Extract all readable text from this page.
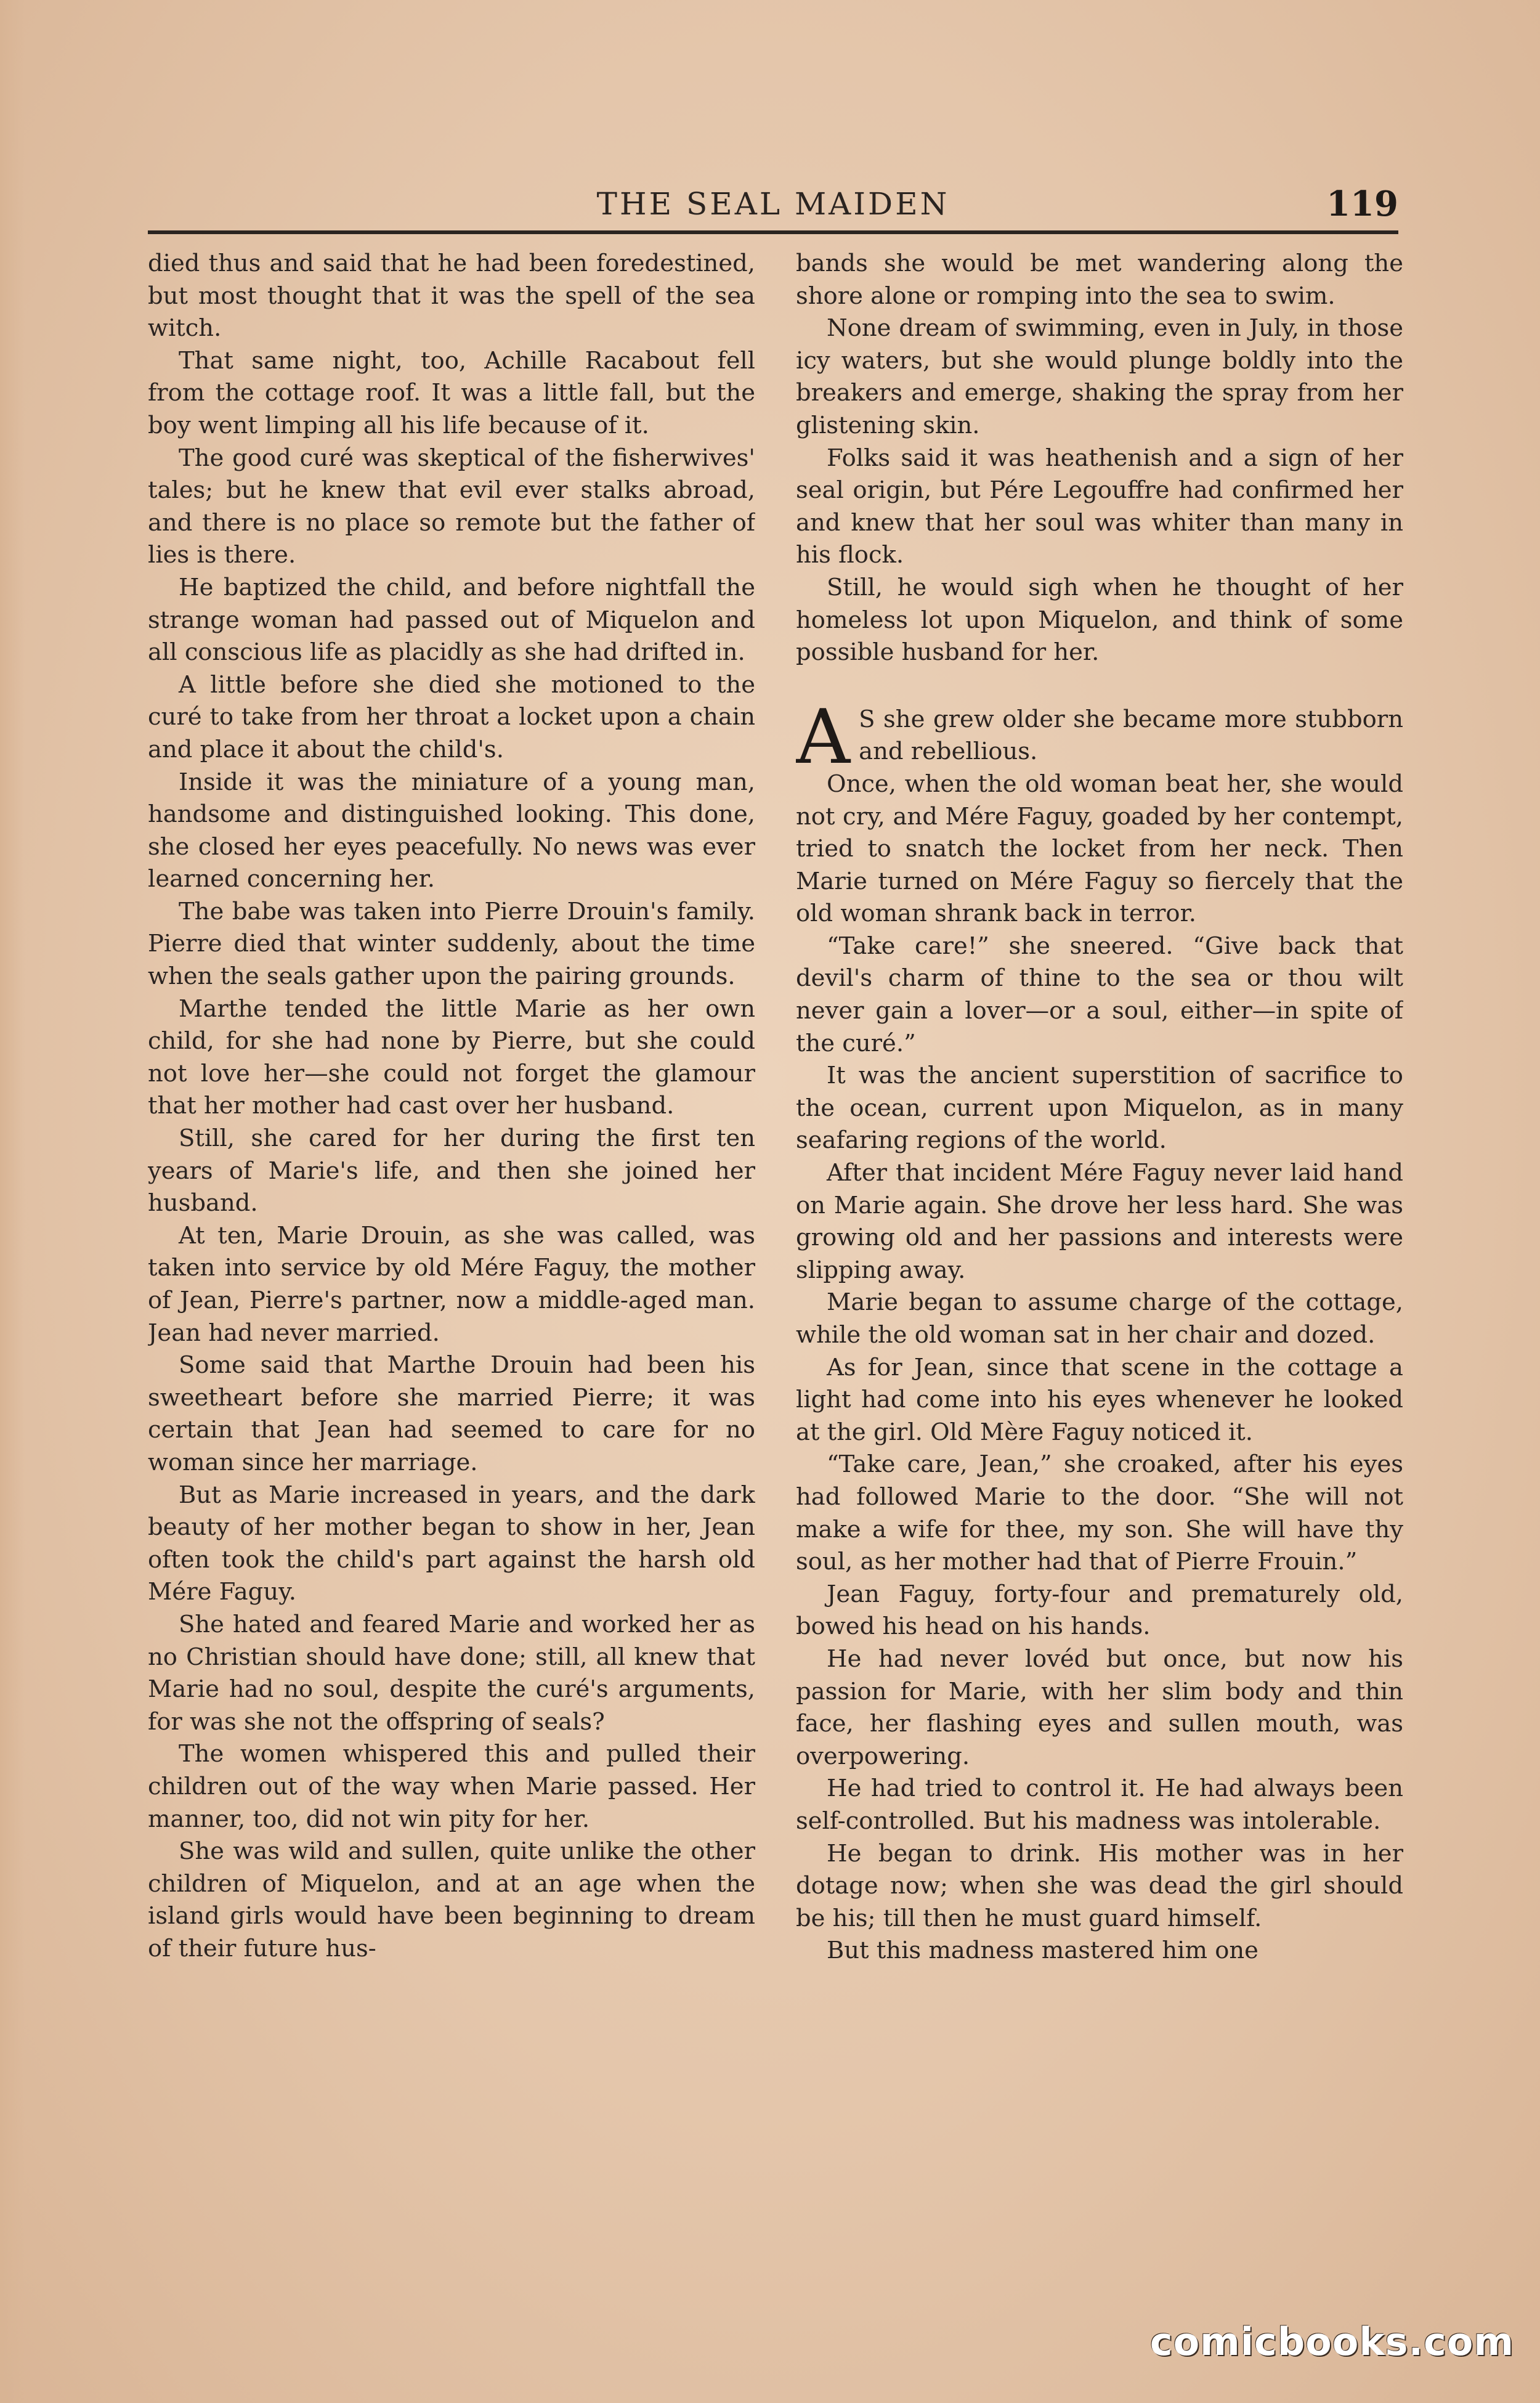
THE SEAL MAIDEN	119

died thus and said that he had been foredestined, but most thought that it was the spell of the sea witch.

That same night, too, Achille Racabout fell from the cottage roof. It was a little fall, but the boy went limping all his life because of it.

The good curé was skeptical of the fisherwives' tales; but he knew that evil ever stalks abroad, and there is no place so remote but the father of lies is there.

He baptized the child, and before nightfall the strange woman had passed out of Miquelon and all conscious life as placidly as she had drifted in.

A little before she died she motioned to the curé to take from her throat a locket upon a chain and place it about the child's.

Inside it was the miniature of a young man, handsome and distinguished looking. This done, she closed her eyes peacefully. No news was ever learned concerning her.

The babe was taken into Pierre Drouin's family. Pierre died that winter suddenly, about the time when the seals gather upon the pairing grounds.

Marthe tended the little Marie as her own child, for she had none by Pierre, but she could not love her—she could not forget the glamour that her mother had cast over her husband.

Still, she cared for her during the first ten years of Marie's life, and then she joined her husband.

At ten, Marie Drouin, as she was called, was taken into service by old Mére Faguy, the mother of Jean, Pierre's partner, now a middle-aged man. Jean had never married.

Some said that Marthe Drouin had been his sweetheart before she married Pierre; it was certain that Jean had seemed to care for no woman since her marriage.

But as Marie increased in years, and the dark beauty of her mother began to show in her, Jean often took the child's part against the harsh old Mére Faguy.

She hated and feared Marie and worked her as no Christian should have done; still, all knew that Marie had no soul, despite the curé's arguments, for was she not the offspring of seals?

The women whispered this and pulled their children out of the way when Marie passed. Her manner, too, did not win pity for her.

She was wild and sullen, quite unlike the other children of Miquelon, and at an age when the island girls would have been beginning to dream of their future hus-

bands she would be met wandering along the shore alone or romping into the sea to swim.

None dream of swimming, even in July, in those icy waters, but she would plunge boldly into the breakers and emerge, shaking the spray from her glistening skin.

Folks said it was heathenish and a sign of her seal origin, but Pére Legouffre had confirmed her and knew that her soul was whiter than many in his flock.

Still, he would sigh when he thought of her homeless lot upon Miquelon, and think of some possible husband for her.

A S she grew older she became more stubborn and rebellious.

Once, when the old woman beat her, she would not cry, and Mére Faguy, goaded by her contempt, tried to snatch the locket from her neck. Then Marie turned on Mére Faguy so fiercely that the old woman shrank back in terror.

“Take care!” she sneered. “Give back that devil's charm of thine to the sea or thou wilt never gain a lover—or a soul, either—in spite of the curé.”

It was the ancient superstition of sacrifice to the ocean, current upon Miquelon, as in many seafaring regions of the world.

After that incident Mére Faguy never laid hand on Marie again. She drove her less hard. She was growing old and her passions and interests were slipping away.

Marie began to assume charge of the cottage, while the old woman sat in her chair and dozed.

As for Jean, since that scene in the cottage a light had come into his eyes whenever he looked at the girl. Old Mère Faguy noticed it.

“Take care, Jean,” she croaked, after his eyes had followed Marie to the door. “She will not make a wife for thee, my son. She will have thy soul, as her mother had that of Pierre Frouin.”

Jean Faguy, forty-four and prematurely old, bowed his head on his hands.

He had never lovéd but once, but now his passion for Marie, with her slim body and thin face, her flashing eyes and sullen mouth, was overpowering.

He had tried to control it. He had always been self-controlled. But his madness was intolerable.

He began to drink. His mother was in her dotage now; when she was dead the girl should be his; till then he must guard himself.

But this madness mastered him one

comicbooks.com
